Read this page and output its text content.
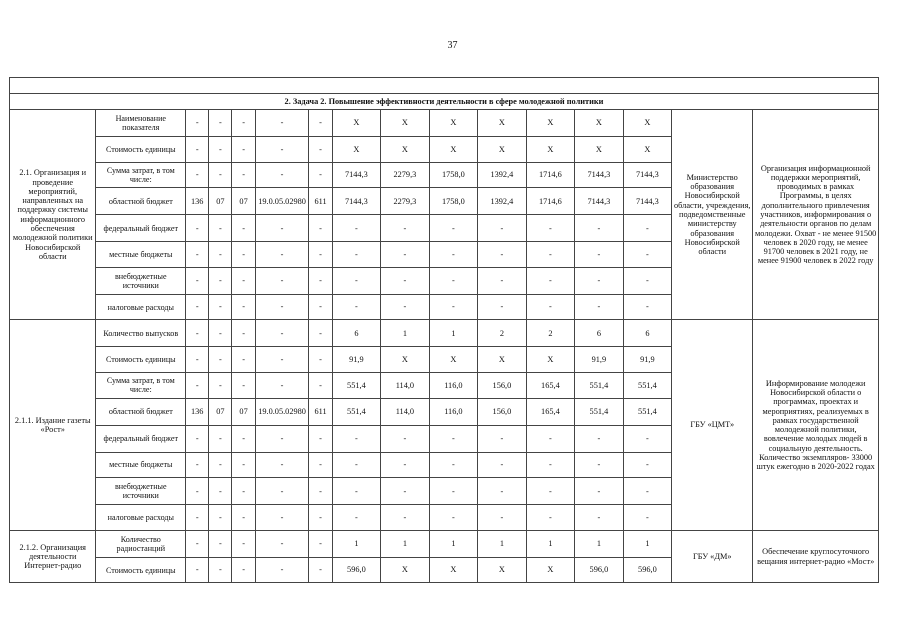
37

2. Задача 2. Повышение эффективности деятельности в сфере молодежной политики															
2.1. Организация и проведение мероприятий, направленных на поддержку системы информационного обеспечения молодежной политики Новосибирской области	Наименование показателя	-	-	-	-	-	X	X	X	X	X	X	X	Министерство образования Новосибирской области, учреждения, подведомственные министерству образования Новосибирской области	Организация информационной поддержки мероприятий, проводимых в рамках Программы, в целях дополнительного привлечения участников, информирования о деятельности органов по делам молодежи. Охват - не менее 91500 человек в 2020 году, не менее 91700 человек в 2021 году, не менее 91900 человек в 2022 году
	Стоимость единицы	-	-	-	-	-	X	X	X	X	X	X	X		
	Сумма затрат, в том числе:	-	-	-	-	-	7144,3	2279,3	1758,0	1392,4	1714,6	7144,3	7144,3		
	областной бюджет	136	07	07	19.0.05.02980	611	7144,3	2279,3	1758,0	1392,4	1714,6	7144,3	7144,3		
	федеральный бюджет	-	-	-	-	-	-	-	-	-	-	-	-		
	местные бюджеты	-	-	-	-	-	-	-	-	-	-	-	-		
	внебюджетные источники	-	-	-	-	-	-	-	-	-	-	-	-		
	налоговые расходы	-	-	-	-	-	-	-	-	-	-	-	-		
2.1.1. Издание газеты «Рост»	Количество выпусков	-	-	-	-	-	6	1	1	2	2	6	6	ГБУ «ЦМТ»	Информирование молодежи Новосибирской области о программах, проектах и мероприятиях, реализуемых в рамках государственной молодежной политики, вовлечение молодых людей в социальную деятельность. Количество экземпляров- 33000 штук ежегодно в 2020-2022 годах
	Стоимость единицы	-	-	-	-	-	91,9	X	X	X	X	91,9	91,9		
	Сумма затрат, в том числе:	-	-	-	-	-	551,4	114,0	116,0	156,0	165,4	551,4	551,4		
	областной бюджет	136	07	07	19.0.05.02980	611	551,4	114,0	116,0	156,0	165,4	551,4	551,4		
	федеральный бюджет	-	-	-	-	-	-	-	-	-	-	-	-		
	местные бюджеты	-	-	-	-	-	-	-	-	-	-	-	-		
	внебюджетные источники	-	-	-	-	-	-	-	-	-	-	-	-		
	налоговые расходы	-	-	-	-	-	-	-	-	-	-	-	-		
2.1.2. Организация деятельности Интернет-радио	Количество радиостанций	-	-	-	-	-	1	1	1	1	1	1	1	ГБУ «ДМ»	Обеспечение круглосуточного вещания интернет-радио «Мост»
	Стоимость единицы	-	-	-	-	-	596,0	X	X	X	X	596,0	596,0		
